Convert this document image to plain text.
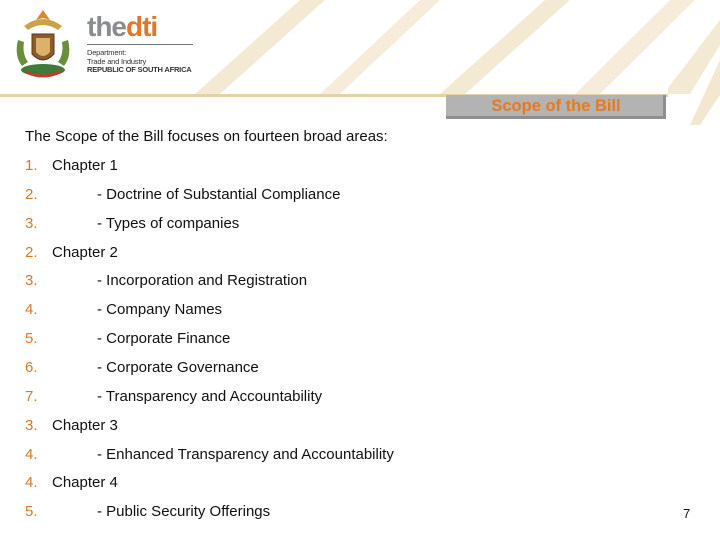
thedti
Department:
Trade and Industry
REPUBLIC OF SOUTH AFRICA
Scope of the Bill
The Scope of the Bill focuses on fourteen broad areas:
1. Chapter 1
2.	- Doctrine of Substantial Compliance
3.	- Types of companies
2. Chapter 2
3.	- Incorporation and Registration
4.	- Company Names
5.	- Corporate Finance
6.	- Corporate Governance
7.	- Transparency and Accountability
3. Chapter 3
4.	- Enhanced Transparency and Accountability
4. Chapter 4
5.	- Public Security Offerings	7
